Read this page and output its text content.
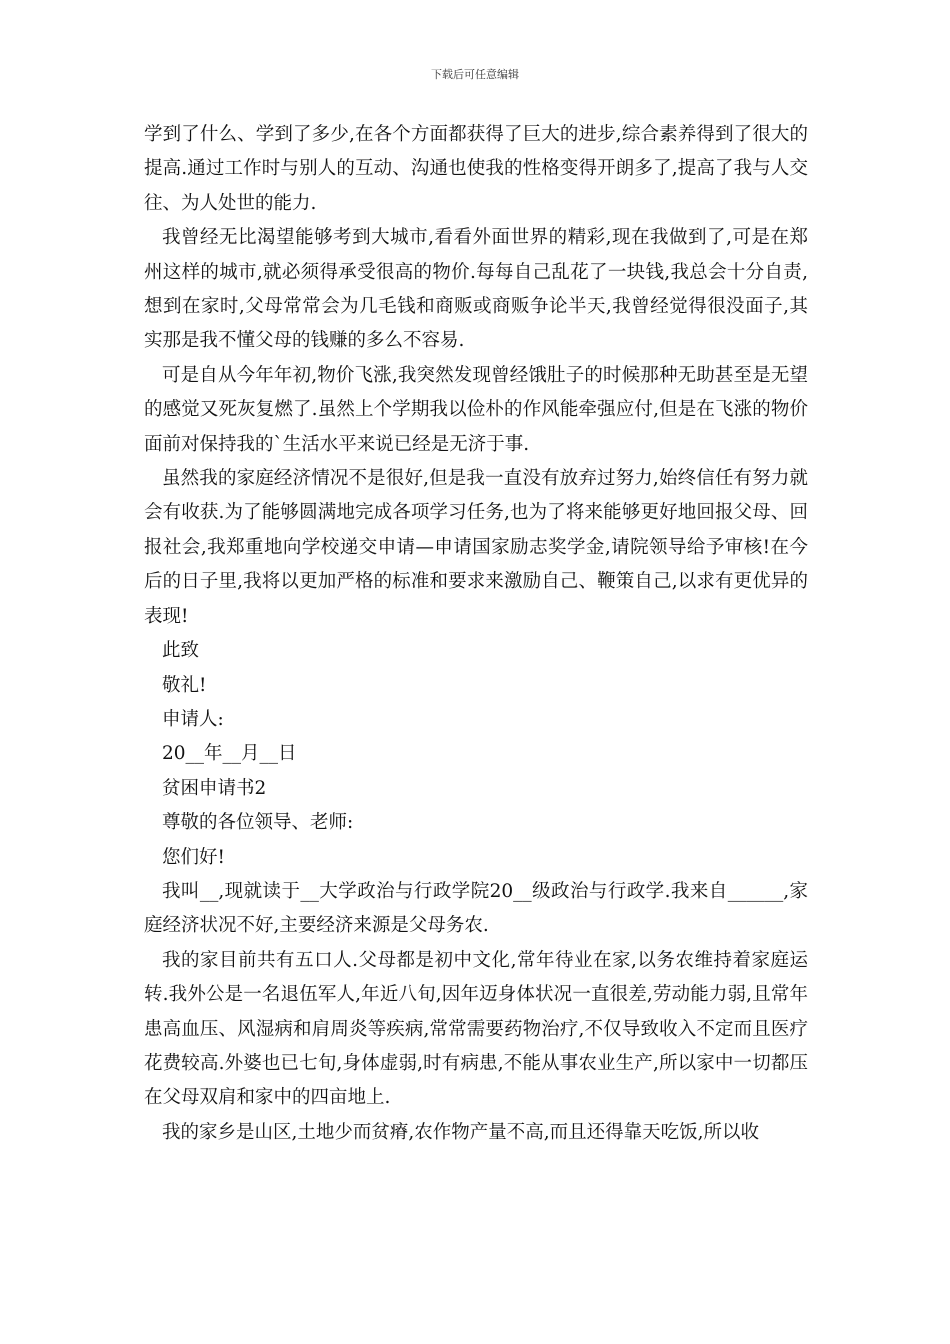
下载后可任意编辑

学到了什么、学到了多少,在各个方面都获得了巨大的进步,综合素养得到了很大的提高.通过工作时与别人的互动、沟通也使我的性格变得开朗多了,提高了我与人交往、为人处世的能力.

我曾经无比渴望能够考到大城市,看看外面世界的精彩,现在我做到了,可是在郑州这样的城市,就必须得承受很高的物价.每每自己乱花了一块钱,我总会十分自责,想到在家时,父母常常会为几毛钱和商贩或商贩争论半天,我曾经觉得很没面子,其实那是我不懂父母的钱赚的多么不容易.

可是自从今年年初,物价飞涨,我突然发现曾经饿肚子的时候那种无助甚至是无望的感觉又死灰复燃了.虽然上个学期我以俭朴的作风能牵强应付,但是在飞涨的物价面前对保持我的`生活水平来说已经是无济于事.

虽然我的家庭经济情况不是很好,但是我一直没有放弃过努力,始终信任有努力就会有收获.为了能够圆满地完成各项学习任务,也为了将来能够更好地回报父母、回报社会,我郑重地向学校递交申请—申请国家励志奖学金,请院领导给予审核!在今后的日子里,我将以更加严格的标准和要求来激励自己、鞭策自己,以求有更优异的表现!

此致

敬礼!

申请人:

20__年__月__日

贫困申请书2

尊敬的各位领导、老师:

您们好!

我叫__,现就读于__大学政治与行政学院20__级政治与行政学.我来自______,家庭经济状况不好,主要经济来源是父母务农.

我的家目前共有五口人.父母都是初中文化,常年待业在家,以务农维持着家庭运转.我外公是一名退伍军人,年近八旬,因年迈身体状况一直很差,劳动能力弱,且常年患高血压、风湿病和肩周炎等疾病,常常需要药物治疗,不仅导致收入不定而且医疗花费较高.外婆也已七旬,身体虚弱,时有病患,不能从事农业生产,所以家中一切都压在父母双肩和家中的四亩地上.

我的家乡是山区,土地少而贫瘠,农作物产量不高,而且还得靠天吃饭,所以收
